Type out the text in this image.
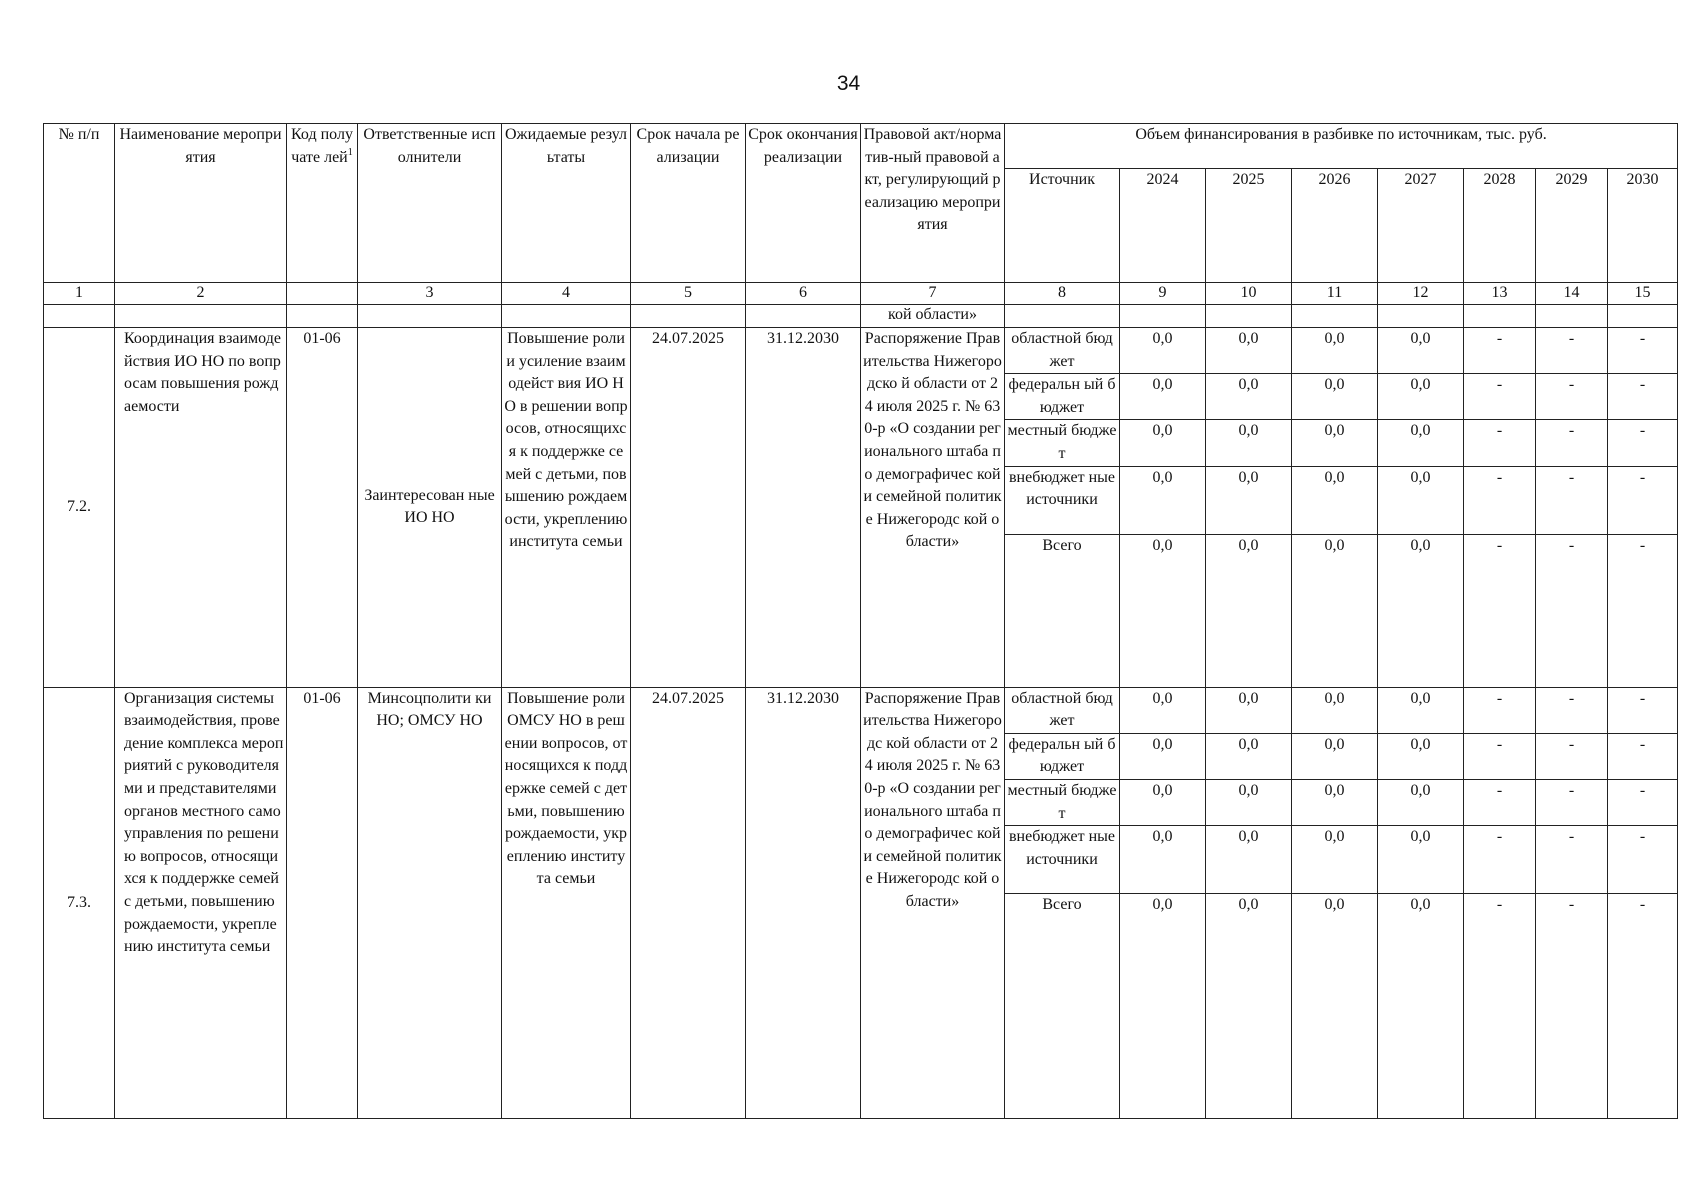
34
№ п/п	Наименование мероприятия	Код полу чате лей$^1$	Ответственные исполнители	Ожидаемые результаты	Срок начала реализации	Срок окончания реализации	Правовой акт/норматив-ный правовой акт, регулирующий реализацию мероприятия	Объем финансирования в разбивке по источникам, тыс. руб.							
								Источник	2024	2025	2026	2027	2028	2029	2030
1	2		3	4	5	6	7	8	9	10	11	12	13	14	15
							кой области»								
7.2.	Координация взаимодействия ИО НО по вопросам повышения рождаемости	01-06	Заинтересован ные ИО НО	Повышение роли и усиление взаимодейст вия ИО НО в решении вопросов, относящихся к поддержке семей с детьми, повышению рождаемости, укреплению института семьи	24.07.2025	31.12.2030	Распоряжение Правительства Нижегородско й области от 24 июля 2025 г. № 630-р «О создании регионального штаба по демографичес кой и семейной политике Нижегородс кой области»	областной бюджет	0,0	0,0	0,0	0,0	-	-	-
								федеральн ый бюджет	0,0	0,0	0,0	0,0	-	-	-
								местный бюджет	0,0	0,0	0,0	0,0	-	-	-
								внебюджет ные источники	0,0	0,0	0,0	0,0	-	-	-
								Всего	0,0	0,0	0,0	0,0	-	-	-
7.3.	Организация системы взаимодействия, проведение комплекса мероприятий с руководителями и представителями органов местного самоуправления по решению вопросов, относящихся к поддержке семей с детьми, повышению рождаемости, укреплению института семьи	01-06	Минсоцполити ки НО; ОМСУ НО	Повышение роли ОМСУ НО в решении вопросов, относящихся к поддержке семей с детьми, повышению рождаемости, укреплению института семьи	24.07.2025	31.12.2030	Распоряжение Правительства Нижегородс кой области от 24 июля 2025 г. № 630-р «О создании регионального штаба по демографичес кой и семейной политике Нижегородс кой области»	областной бюджет	0,0	0,0	0,0	0,0	-	-	-
								федеральн ый бюджет	0,0	0,0	0,0	0,0	-	-	-
								местный бюджет	0,0	0,0	0,0	0,0	-	-	-
								внебюджет ные источники	0,0	0,0	0,0	0,0	-	-	-
								Всего	0,0	0,0	0,0	0,0	-	-	-
